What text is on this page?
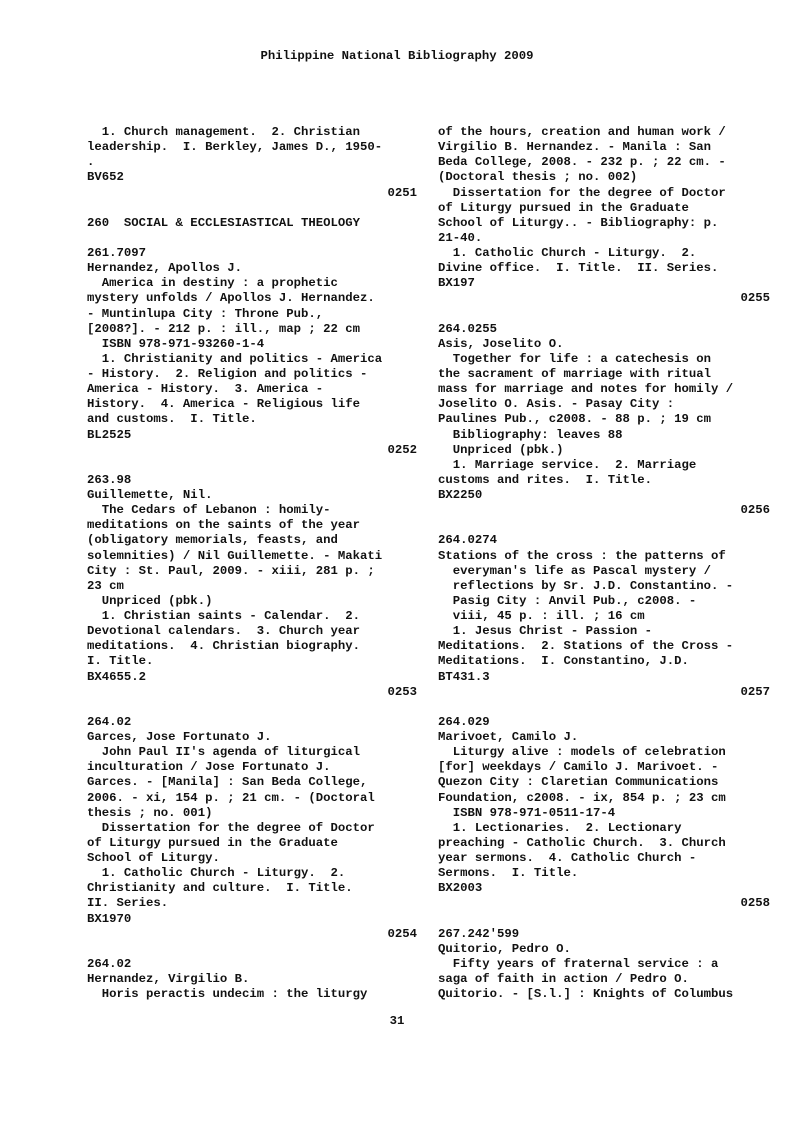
Philippine National Bibliography 2009
1. Church management.  2. Christian
leadership.  I. Berkley, James D., 1950-
.
BV652
0251
260  SOCIAL & ECCLESIASTICAL THEOLOGY
261.7097
Hernandez, Apollos J.
America in destiny : a prophetic
mystery unfolds / Apollos J. Hernandez.
- Muntinlupa City : Throne Pub.,
[2008?]. - 212 p. : ill., map ; 22 cm
ISBN 978-971-93260-1-4
1. Christianity and politics - America
- History.  2. Religion and politics -
America - History.  3. America -
History.  4. America - Religious life
and customs.  I. Title.
BL2525
0252
263.98
Guillemette, Nil.
The Cedars of Lebanon : homily-
meditations on the saints of the year
(obligatory memorials, feasts, and
solemnities) / Nil Guillemette. - Makati
City : St. Paul, 2009. - xiii, 281 p. ;
23 cm
Unpriced (pbk.)
1. Christian saints - Calendar.  2.
Devotional calendars.  3. Church year
meditations.  4. Christian biography.
I. Title.
BX4655.2
0253
264.02
Garces, Jose Fortunato J.
John Paul II's agenda of liturgical
inculturation / Jose Fortunato J.
Garces. - [Manila] : San Beda College,
2006. - xi, 154 p. ; 21 cm. - (Doctoral
thesis ; no. 001)
Dissertation for the degree of Doctor
of Liturgy pursued in the Graduate
School of Liturgy.
1. Catholic Church - Liturgy.  2.
Christianity and culture.  I. Title.
II. Series.
BX1970
0254
264.02
Hernandez, Virgilio B.
Horis peractis undecim : the liturgy
of the hours, creation and human work /
Virgilio B. Hernandez. - Manila : San
Beda College, 2008. - 232 p. ; 22 cm. -
(Doctoral thesis ; no. 002)
Dissertation for the degree of Doctor
of Liturgy pursued in the Graduate
School of Liturgy.. - Bibliography: p.
21-40.
1. Catholic Church - Liturgy.  2.
Divine office.  I. Title.  II. Series.
BX197
0255
264.0255
Asis, Joselito O.
Together for life : a catechesis on
the sacrament of marriage with ritual
mass for marriage and notes for homily /
Joselito O. Asis. - Pasay City :
Paulines Pub., c2008. - 88 p. ; 19 cm
Bibliography: leaves 88
Unpriced (pbk.)
1. Marriage service.  2. Marriage
customs and rites.  I. Title.
BX2250
0256
264.0274
Stations of the cross : the patterns of
everyman's life as Pascal mystery /
reflections by Sr. J.D. Constantino. -
Pasig City : Anvil Pub., c2008. -
viii, 45 p. : ill. ; 16 cm
1. Jesus Christ - Passion -
Meditations.  2. Stations of the Cross -
Meditations.  I. Constantino, J.D.
BT431.3
0257
264.029
Marivoet, Camilo J.
Liturgy alive : models of celebration
[for] weekdays / Camilo J. Marivoet. -
Quezon City : Claretian Communications
Foundation, c2008. - ix, 854 p. ; 23 cm
ISBN 978-971-0511-17-4
1. Lectionaries.  2. Lectionary
preaching - Catholic Church.  3. Church
year sermons.  4. Catholic Church -
Sermons.  I. Title.
BX2003
0258
267.242'599
Quitorio, Pedro O.
Fifty years of fraternal service : a
saga of faith in action / Pedro O.
Quitorio. - [S.l.] : Knights of Columbus
31
